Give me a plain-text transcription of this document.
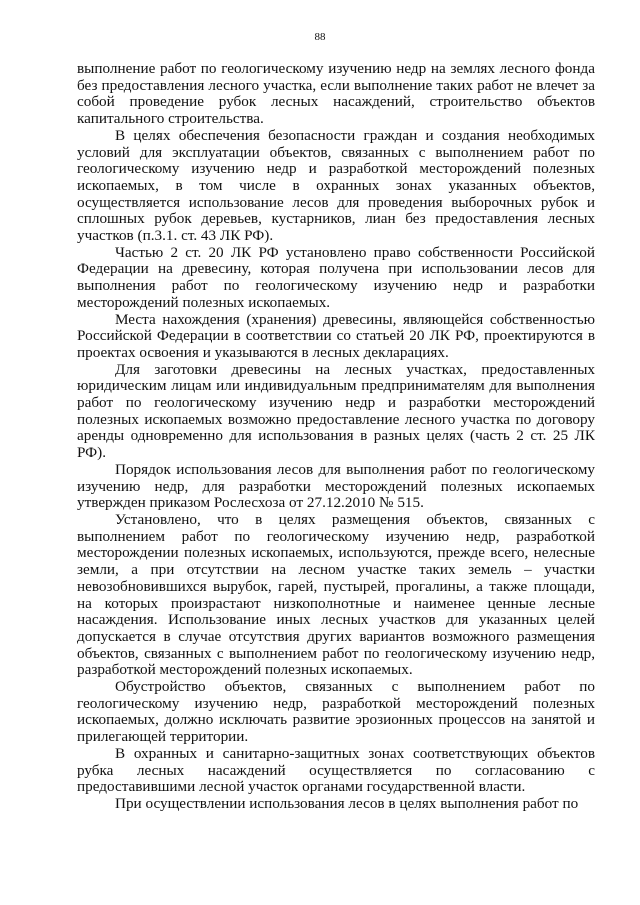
88

выполнение работ по геологическому изучению недр на землях лесного фонда без предоставления лесного участка, если выполнение таких работ не влечет за собой проведение рубок лесных насаждений, строительство объектов капитального строительства.

В целях обеспечения безопасности граждан и создания необходимых условий для эксплуатации объектов, связанных с выполнением работ по геологическому изучению недр и разработкой месторождений полезных ископаемых, в том числе в охранных зонах указанных объектов, осуществляется использование лесов для проведения выборочных рубок и сплошных рубок деревьев, кустарников, лиан без предоставления лесных участков (п.3.1. ст. 43 ЛК РФ).

Частью 2 ст. 20 ЛК РФ установлено право собственности Российской Федерации на древесину, которая получена при использовании лесов для выполнения работ по геологическому изучению недр и разработки месторождений полезных ископаемых.

Места нахождения (хранения) древесины, являющейся собственностью Российской Федерации в соответствии со статьей 20 ЛК РФ, проектируются в проектах освоения и указываются в лесных декларациях.

Для заготовки древесины на лесных участках, предоставленных юридическим лицам или индивидуальным предпринимателям для выполнения работ по геологическому изучению недр и разработки месторождений полезных ископаемых возможно предоставление лесного участка по договору аренды одновременно для использования в разных целях (часть 2 ст. 25 ЛК РФ).

Порядок использования лесов для выполнения работ по геологическому изучению недр, для разработки месторождений полезных ископаемых утвержден приказом Рослесхоза от 27.12.2010 № 515.

Установлено, что в целях размещения объектов, связанных с выполнением работ по геологическому изучению недр, разработкой месторождении полезных ископаемых, используются, прежде всего, нелесные земли, а при отсутствии на лесном участке таких земель – участки невозобновившихся вырубок, гарей, пустырей, прогалины, а также площади, на которых произрастают низкополнотные и наименее ценные лесные насаждения. Использование иных лесных участков для указанных целей допускается в случае отсутствия других вариантов возможного размещения объектов, связанных с выполнением работ по геологическому изучению недр, разработкой месторождений полезных ископаемых.

Обустройство объектов, связанных с выполнением работ по геологическому изучению недр, разработкой месторождений полезных ископаемых, должно исключать развитие эрозионных процессов на занятой и прилегающей территории.

В охранных и санитарно-защитных зонах соответствующих объектов рубка лесных насаждений осуществляется по согласованию с предоставившими лесной участок органами государственной власти.

При осуществлении использования лесов в целях выполнения работ по
